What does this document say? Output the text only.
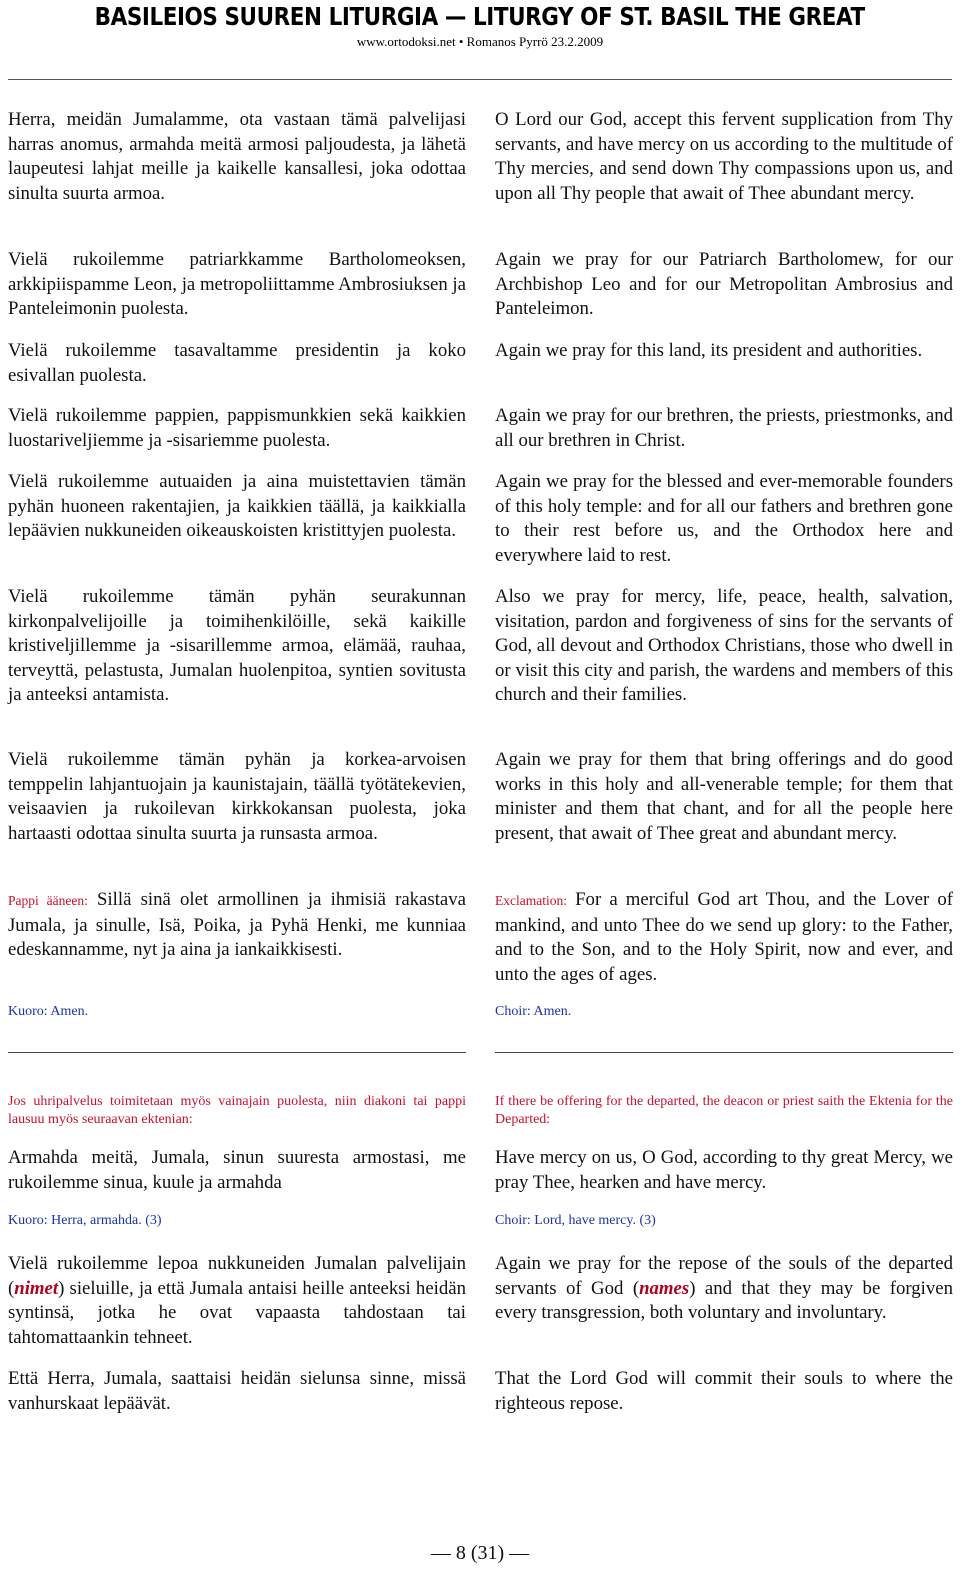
BASILEIOS SUUREN LITURGIA — LITURGY OF ST. BASIL THE GREAT
www.ortodoksi.net • Romanos Pyrrö 23.2.2009

Herra, meidän Jumalamme, ota vastaan tämä palvelijasi harras anomus, armahda meitä armosi paljoudesta, ja lähetä laupeutesi lahjat meille ja kaikelle kansallesi, joka odottaa sinulta suurta armoa.

Vielä rukoilemme patriarkkamme Bartholomeoksen, arkkipiispamme Leon, ja metropoliittamme Ambrosiuksen ja Panteleimonin puolesta.

Vielä rukoilemme tasavaltamme presidentin ja koko esivallan puolesta.

Vielä rukoilemme pappien, pappismunkkien sekä kaikkien luostariveljiemme ja -sisariemme puolesta.

Vielä rukoilemme autuaiden ja aina muistettavien tämän pyhän huoneen rakentajien, ja kaikkien täällä, ja kaikkialla lepäävien nukkuneiden oikeauskoisten kristittyjen puolesta.

Vielä rukoilemme tämän pyhän seurakunnan kirkonpalvelijoille ja toimihenkilöille, sekä kaikille kristiveljillemme ja -sisarillemme armoa, elämää, rauhaa, terveyttä, pelastusta, Jumalan huolenpitoa, syntien sovitusta ja anteeksi antamista.

Vielä rukoilemme tämän pyhän ja korkea-arvoisen temppelin lahjantuojain ja kaunistajain, täällä työtätekevien, veisaavien ja rukoilevan kirkkokansan puolesta, joka hartaasti odottaa sinulta suurta ja runsasta armoa.

Pappi ääneen: Sillä sinä olet armollinen ja ihmisiä rakastava Jumala, ja sinulle, Isä, Poika, ja Pyhä Henki, me kunniaa edeskannamme, nyt ja aina ja iankaikkisesti.

Kuoro: Amen.

O Lord our God, accept this fervent supplication from Thy servants, and have mercy on us according to the multitude of Thy mercies, and send down Thy compassions upon us, and upon all Thy people that await of Thee abundant mercy.

Again we pray for our Patriarch Bartholomew, for our Archbishop Leo and for our Metropolitan Ambrosius and Panteleimon.

Again we pray for this land, its president and authorities.

Again we pray for our brethren, the priests, priestmonks, and all our brethren in Christ.

Again we pray for the blessed and ever-memorable founders of this holy temple: and for all our fathers and brethren gone to their rest before us, and the Orthodox here and everywhere laid to rest.

Also we pray for mercy, life, peace, health, salvation, visitation, pardon and forgiveness of sins for the servants of God, all devout and Orthodox Christians, those who dwell in or visit this city and parish, the wardens and members of this church and their families.

Again we pray for them that bring offerings and do good works in this holy and all-venerable temple; for them that minister and them that chant, and for all the people here present, that await of Thee great and abundant mercy.

Exclamation: For a merciful God art Thou, and the Lover of mankind, and unto Thee do we send up glory: to the Father, and to the Son, and to the Holy Spirit, now and ever, and unto the ages of ages.

Choir: Amen.

Jos uhripalvelus toimitetaan myös vainajain puolesta, niin diakoni tai pappi lausuu myös seuraavan ektenian:

Armahda meitä, Jumala, sinun suuresta armostasi, me rukoilemme sinua, kuule ja armahda

Kuoro: Herra, armahda. (3)

Vielä rukoilemme lepoa nukkuneiden Jumalan palvelijain (nimet) sieluille, ja että Jumala antaisi heille anteeksi heidän syntinsä, jotka he ovat vapaasta tahdostaan tai tahtomattaankin tehneet.

Että Herra, Jumala, saattaisi heidän sielunsa sinne, missä vanhurskaat lepäävät.

If there be offering for the departed, the deacon or priest saith the Ektenia for the Departed:

Have mercy on us, O God, according to thy great Mercy, we pray Thee, hearken and have mercy.

Choir: Lord, have mercy. (3)

Again we pray for the repose of the souls of the departed servants of God (names) and that they may be forgiven every transgression, both voluntary and involuntary.

That the Lord God will commit their souls to where the righteous repose.

— 8 (31) —
